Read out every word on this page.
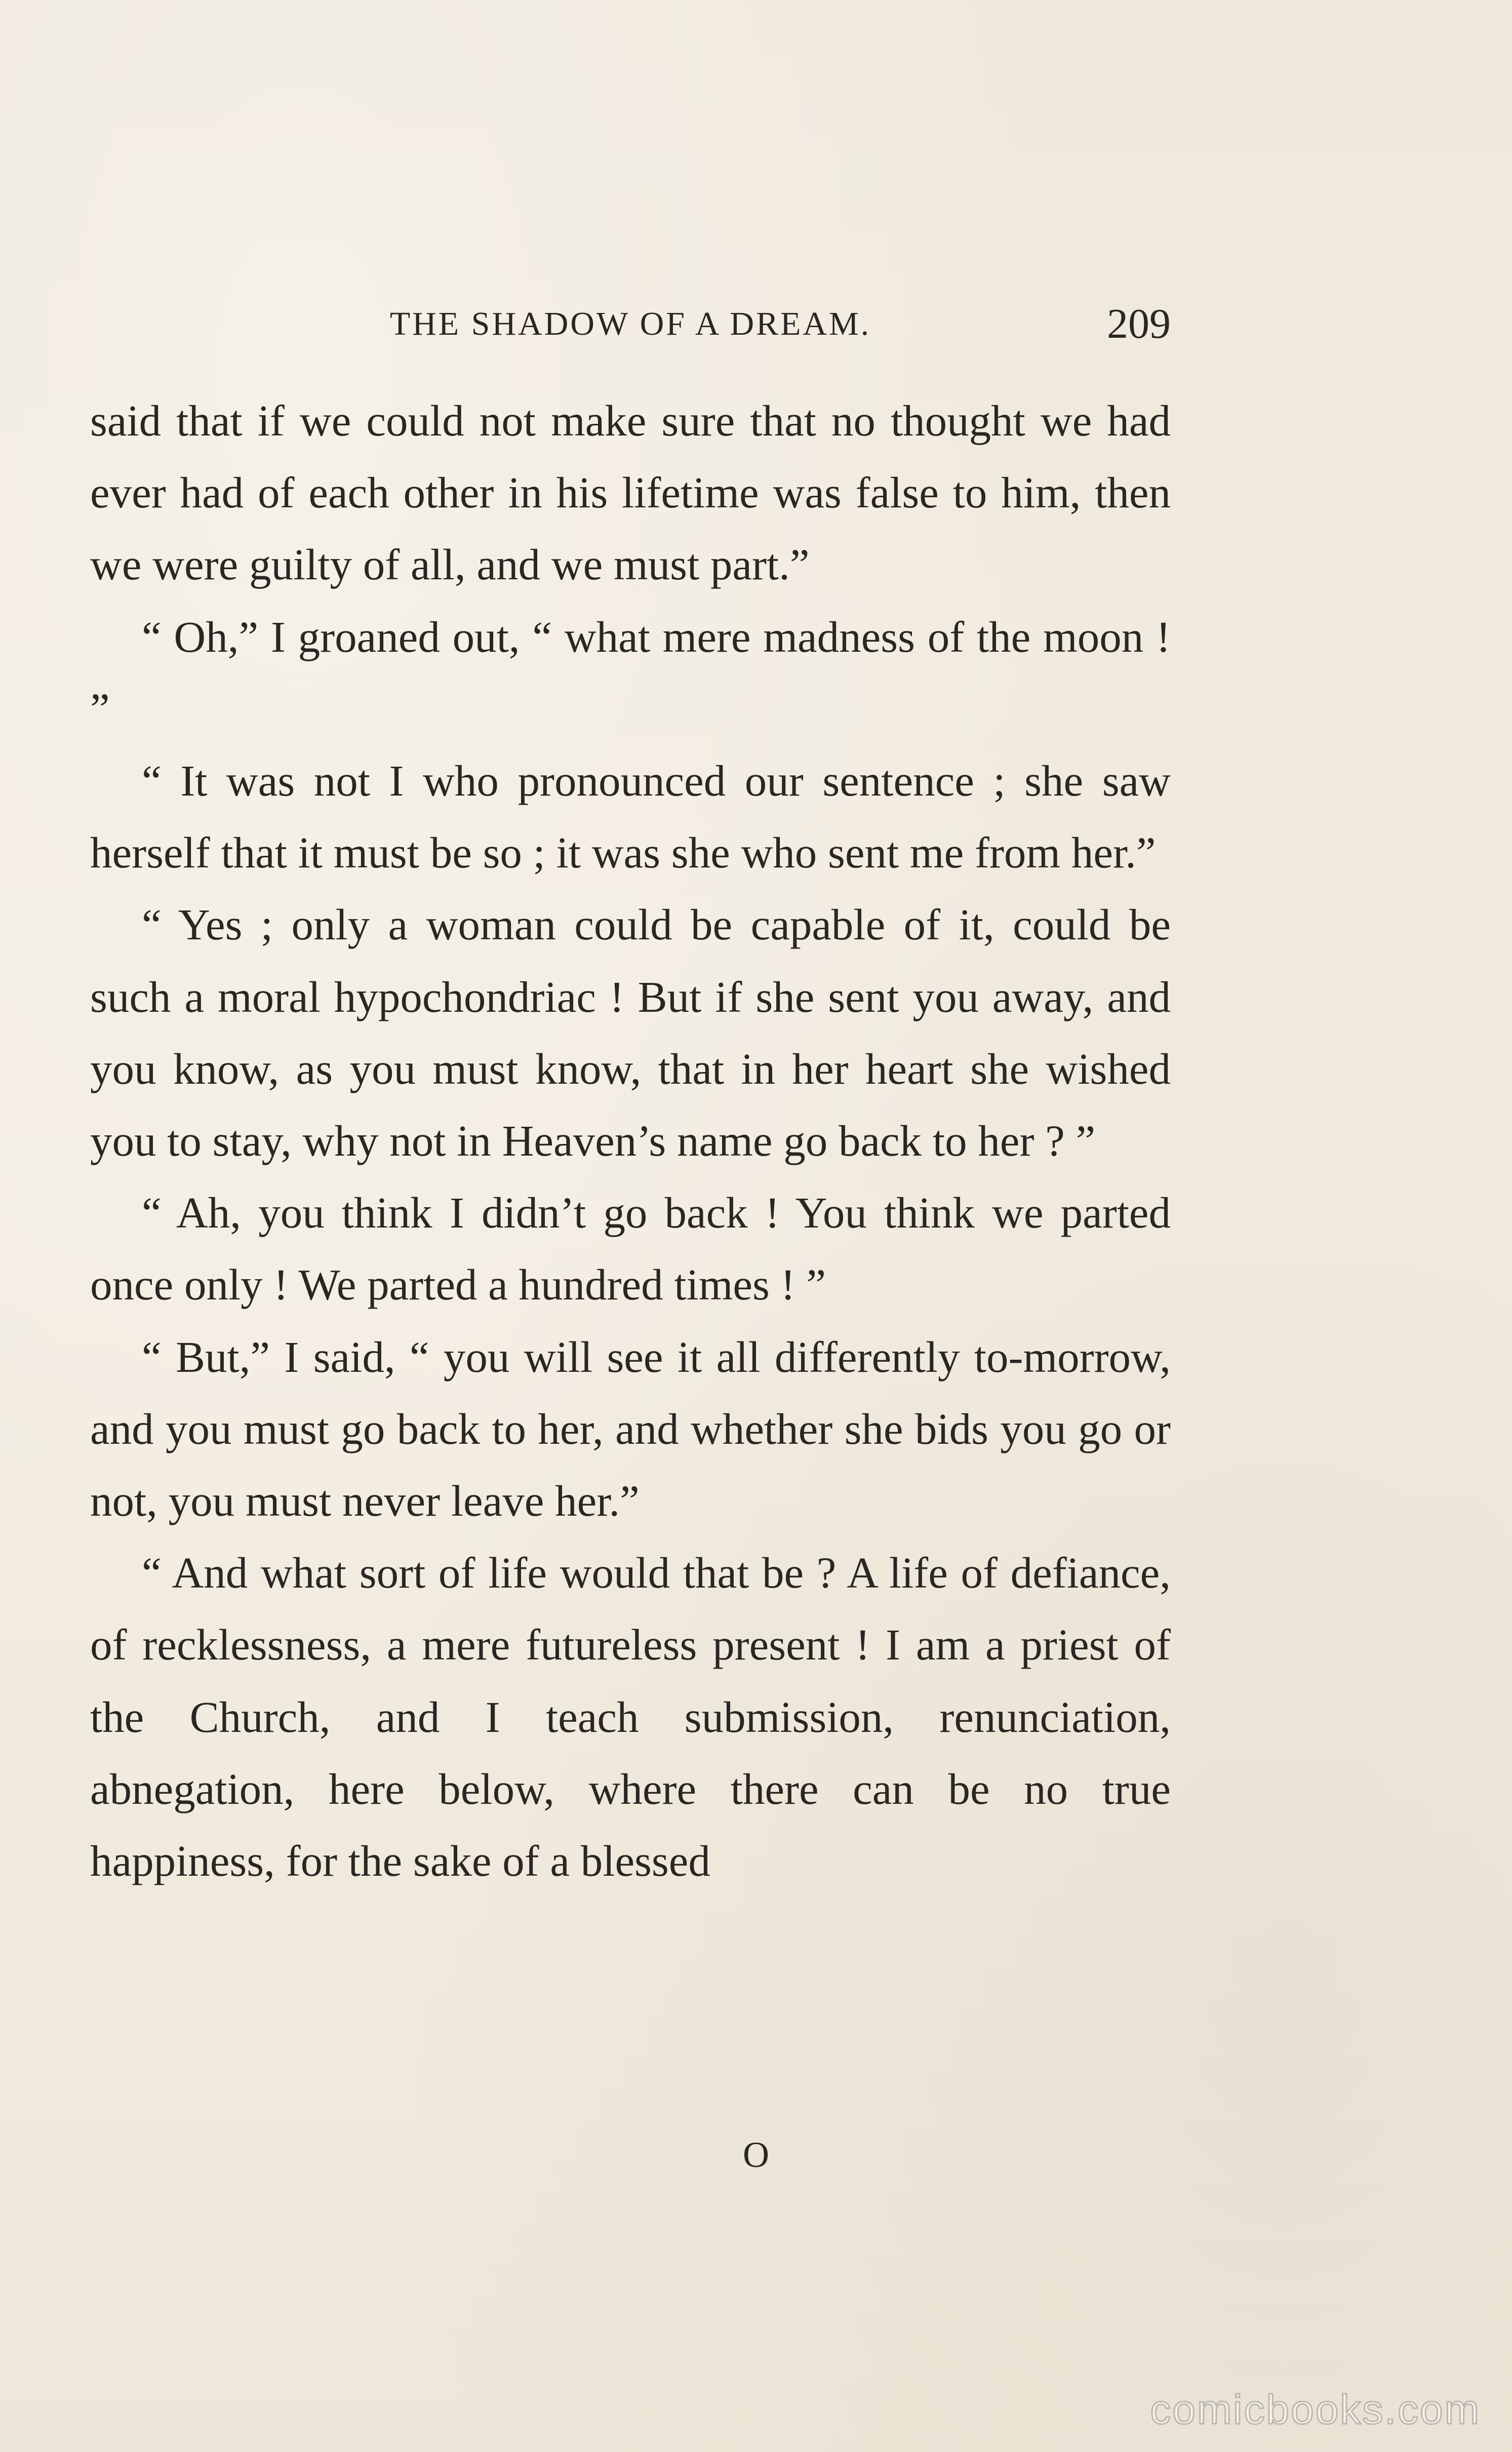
THE SHADOW OF A DREAM.	209

said that if we could not make sure that no thought we had ever had of each other in his lifetime was false to him, then we were guilty of all, and we must part.”

“ Oh,” I groaned out, “ what mere madness of the moon ! ”

“ It was not I who pronounced our sentence ; she saw herself that it must be so ; it was she who sent me from her.”

“ Yes ; only a woman could be capable of it, could be such a moral hypochondriac ! But if she sent you away, and you know, as you must know, that in her heart she wished you to stay, why not in Heaven’s name go back to her ? ”

“ Ah, you think I didn’t go back ! You think we parted once only ! We parted a hundred times ! ”

“ But,” I said, “ you will see it all differently to-morrow, and you must go back to her, and whether she bids you go or not, you must never leave her.”

“ And what sort of life would that be ? A life of defiance, of recklessness, a mere futureless present ! I am a priest of the Church, and I teach submission, renunciation, abnegation, here below, where there can be no true happiness, for the sake of a blessed

O
comicbooks.com
